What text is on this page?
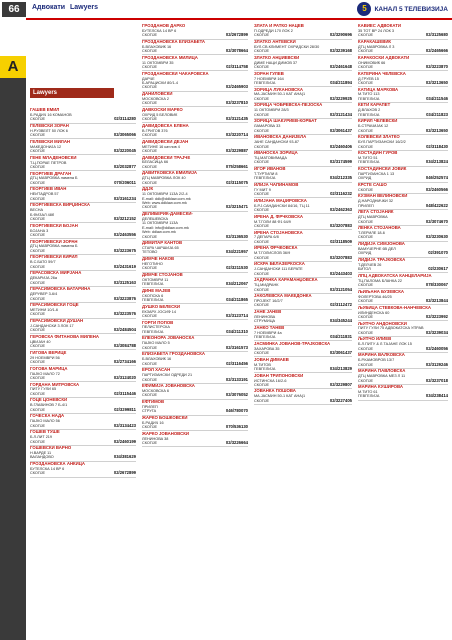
66	Адвокати Lawyers	5	КАНАЛ 5 ТЕЛЕВИЗИЈА
А
Lawyers
ГАШЕВ ЕМИЛ
Б.РАДИЧ 16 КОМАНОВ
СКОПЈЕ	02/3114280
ГЕЛЕВСКИ ЗОРАН
Н.РУЗВЕЛТ 50 ЛОК 6
СКОПЈЕ	02/3065066
ГЕЛЕВСКИ МИЛАН
МАКЕДОНИЈА 12
СКОПЈЕ	02/3220045
ГЕНЕ МЛАДЕНОВСКИ
Т.Ц.ПОРАЕ ПЕТРОВ
СКОПЈЕ	02/2032877
ГЕОРГИЕВ ДРАГАН
ДТЦ МАВРОВКА ламела Б
СКОПЈЕ	070/206011
ГЕОРГИЕВ ИВАН
НЕИТАДРОВ 57
СКОПЈЕ	02/3161234
ГЕОРГИЕВСКА ВИРЏИНСКА
ВЕСНА
Б.ФИЗАЛ 48б
СКОПЈЕ	02/3212152
ГЕОРГИЕВСКИ БОЈАН
БОЈАНА 3
СКОПЈЕ	02/2463556
ГЕОРГИЕВСКИ ЗОРАН
ДТЦ МАВРОВКА ламела Б
СКОПЈЕ	02/3223675
ГЕОРГИЕВСКИ КИРИЛ
В.С.БАТО 59/7
СКОПЈЕ	02/2431619
ГЕРАСОВСКА МИРЈАНА
ДЕКАРИЈА 26а
СКОПЈЕ	02/3125163
ГЕРАСИМОВСКА БАТАРИНА
ДЕРУВЕР 3-6/4
СКОПЈЕ	02/3223876
ГЕРАСИМОВСКИ ГОЦЕ
МЕТИНИ 10/1-6
СКОПЈЕ	02/3223576
ГЕРАСИМОВСКИ ДУШАН
Ј.САНДАНСКИ 3 ЛОК 17
СКОПЈЕ	02/2484504
ГЕРОВСКА ФИТАНОВА МИЛЕНА
ЦВИЈАН 40
СКОПЈЕ	02/3084788
ГИГОВА ВЕРИЦЕ
29 НОЕМВРИ 56
СКОПЈЕ	02/2734166
ГОГОВА МАРИЦА
ПАЈКО МАЛО 72
СКОПЈЕ	02/3124020
ГОРДАНА МИТРОВСКА
ПИТУ ГУЛИ 65
СКОПЈЕ	02/3115446
ГОЦЕ ЦОНЕВСКИ
В.ГЛАВИНОВ 7 Б-4/1
СКОПЈЕ	02/3299811
ГОЧЕСКА НАДА
ПАЈКО МАЛО 56
СКОПЈЕ	02/3134423
ГОШЕВ ТУШЕ
Б.Л.ЛИТ 219
СКОПЈЕ	02/2460199
ГОШЕВСКИ ВАРНО
Н.ВАРДЕ 11
ВАЛАНДОВО	034/381629
ГРОЗДАНОВСКА АНКИЦА
БУТЕЛСКА 14 ВР 6
СКОПЈЕ	02/2672899
ГРОЗДАНОВ ДАРКО
БУТЕЛСКА 14 ВР 6
СКОПЈЕ	02/2672899
ГРОЗДАНОВСКА ЕЛИЗАБЕТА
Б.ВЛАХОВИЌ 16
СКОПЈЕ	02/3078664
ГРОЗДАНОВСКА МИЛИЦА
11 ОКТОМВРИ 35
СКОПЈЕ	02/3114758
ГРОЗДАНОВСКИ ЧАКАРОВСКА
ДАРЧЕ
Б.АРАЦИСКИ 80/1-4
СКОПЈЕ	02/2465903
ДАНИЛОВСКИ
МОСКОВСКА 2
СКОПЈЕ	02/3237810
ДАВКОСКИ МАРКО
ОХРИД 5 БЕЛОВИЌ
СКОПЈЕ	02/3121435
ДАВИДОВСКА ЕЛЕНА
В.ГРИГОВ 376
СКОПЈЕ	02/3220714
ДАВИДОВСКИ ДЕЈАН
МЕТИНЕ 16 кат.пов 4
СКОПЈЕ	02/3229887
ДАВИДОВСКИ ТРАЈЧЕ
БЕЛАСИЦА 66
СКОПЈЕ	075/258661
ДАВИТКОВСКА ЕМИЛИЈА
ДТЦ МАВРОВКА ЛОК 40
СКОПЈЕ	02/3115075
ДДЈК
11 ОКТОМВРИ 113А 2/2-4
E-mail: ddk@ddklaw.com.mk
Web: www.ddklaw.com.mk
СКОПЈЕ	02/3215471
ДЕЛИБЕРИЌ-ДАМЕСКИ-
ДЕЛЕШЕВСКА
11 ОКТОМВРИ 113А
E-mail: info@ddlaw.com.mk
Web: ddlaw.com.mk
СКОПЈЕ	02/3136530
ДИМИТАР КАНТОВ
СТАРА ЧАРШИЈА 65
ТЕТОВО	034/221957
ДИМЧЕ НАКОВ
НЕГОТИНО
СКОПЈЕ	02/3211530
ДИМЧЕ СТОЈАНОВ
ОКТОМВРИ 11
ГЕВГЕЛИЈА	034/212067
ДИНЕ МАЈЕВ
СКОПСКА 6
ГЕВГЕЛИЈА	034/211865
ДУШКО БЕЛЕСКИ
ЕКЗАРХ ЈОСИФ 14
СКОПЈЕ	02/3123714
ГОРГИ ПОПОВ
ПЕЛИСТЕРСКА
ГЕВГЕЛИЈА	034/211310
ЕЛЕОНОРА ЈОВАНОСКА
ПАЈКО МАЛО 5
СКОПЈЕ	02/3161573
ЕЛИЗАБЕТА ГРОЗДАНОВСКА
Б.ВЛАХОВИЌ 16
СКОПЈЕ	02/3116456
ЕРОЛ ХАСАН
ПАРТИЗАНСКИ ОДРЕДИ 21
СКОПЈЕ	02/3133191
ЕФИМИЈА ЈОВАНОВСКА
МОСКОВСКА 6
СКОПЈЕ	02/3076052
ЕФТИМОВ
ПРИЛЕП
СТРУГА	046/780070
ЖАРКО БОШКОВСКИ
Б.РАДИЧ 16
СКОПЈЕ	070/536130
ЖАРКО ЈОВАНОВСКИ
ЛЕНИНОВА 38
СКОПЈЕ	02/3226664
ЗЛАТА И РАТКО НАЦЕВ
П.ОДРЕДИ 170 ЛОК 2
СКОПЈЕ	02/3290696
ЗЛАТКО АНТЕВСКИ
БУЛ.СВ.КЛИМЕНТ ОХРИДСКИ 28/30
СКОПЈЕ	02/3239168
ЗЛАТКО АНЏИЕВСКИ
ДИМЕ НАЦИ ДИМОВ 37
СКОПЈЕ	02/2461648
ЗОРАН ЃУЛЕВ
7 НОЕМВРИ 164
ГЕВГЕЛИЈА	034/211894
ЗОРИЦА ЛУКАНОВСКА
МА.ЈАСМИН 50-1 КАТ АНА(1
СКОПЈЕ	02/3229925
ЗОРИЦА ЧОБРЕВСКА-ПЕЈОСКА
11 ОКТОМВРИ 28/3
СКОПЈЕ	02/3121434
ЗОРИЦА ШАКУРИЕВ-КОРБАТ
ЛАМАРОВА 33
СКОПЈЕ	02/3061437
ИВАНОВСКА ДАНИЈЕЛА
ЈАНЕ САНДАНСКИ 93-87
СКОПЈЕ	02/2460406
ИВАНОСКА ЗОРИЦА
ТЦ.МАТОВИМАДА
СКОПЈЕ	02/3174599
ИГОР ИВАНОВ
Т.ТУРТИЛИ 8
ГЕВГЕЛИЈА	034/212335
ИЛИЈА ЧАПИНАМОВ
ГУ МИТ 9
СКОПЈЕ	02/3116232
ИЛИЈАНА МАЏИРОВСКА
Б.Р.Ј.САНДАНСКИ 84/16, ТЦ 11
СКОПЈЕ	02/2462363
ИРЕНА Д. ФРЧКОВСКА
М.Т.ГОЛИ 88 Ф1 64/9
СКОПЈЕ	02/3207883
ИРЕНА СТОЈАНОВСКА
7 ДЕПАРА 6/8
СКОПЈЕ	02/3118509
ИРЕНА ФРЧКОВСКА
М.Т.ГОЛИСЛОВ 36/9
СКОПЈЕ	02/3207883
ИСКРА БЕЛАЗЕРКОСКА
Ј.САНДАНСКИ 111 БЕРАТЕ
СКОПЈЕ	02/2443403
ЈАДРАНКА КАРАМАНЏОВСКА
ТЦ.МИДРАНК
СКОПЈЕ	02/3121054
ЈАКОЛЕВСКА МАКЕДОНКА
ПРОЈЕКТ 16/2/7
СКОПЈЕ	02/3112472
ЈАНЕ ЈАНЕВ
ЛЕНИНОВА
СТРУМИЦА	034/345244
ЈАНКО ТАНЕВ
7 НОЕМВРИ 4а
ГЕВГЕЛИЈА	034/211831
ЈАСМИНКА ЈОВАНОВ-ТРАЈКОВСКА
ЗАХАРОВА 35
СКОПЈЕ	02/3061437
ЈОВАН ДИМАЕВ
М.ТИТОВ
ГЕВГЕЛИЈА	034/213829
ЈОВАН ТРИПОНОВСКИ
ИСТИНСКА 16/2-6
СКОПЈЕ	02/3229807
ЈОВАНКА ПОШОВА
МА.ЈАСМИН 50-1 КАТ АНА(1
СКОПЈЕ	02/3227405
КАВИЕС АДВОКАТИ
35 ТОТ ВР 24 ЛОК 3
СКОПЈЕ	02/3125680
КАРАКАШЕВИЌ
ДТЦ МАВРОВКА Л 3
СКОПЈЕ	02/2465666
КАРАКОСКИ АДВОКАТИ
ОНИМОВИЌ 66
СКОПЈЕ	02/3223870
КАТЕРИНА ЧЕЛЕВСКА
Д.ГРУЕВ 15
СКОПЈЕ	02/3213650
КАТИЦА МАРКОВА
М.ТИТО 113
ГЕВГЕЛИЈА	034/211546
КЕТИ КАРАПЕТ
Д.ВЛАХОВ 2
ГЕВГЕЛИЈА	034/211823
КИРИЛ ЧЕЛЕВСКИ
Б.СТРАЧИЈАК 12
СКОПЈЕ	02/3213650
КОЛЕВСКИ ЗЛАТКО
БУЛ.ПАРТИЗАНСКИ 16/2/2
СКОПЈЕ	02/3118430
КОСТАДИН ЃУРОВ
М.ТИТО 51
ГЕВГЕЛИЈА	034/213824
КОСТАДИНСКИ ЈОВИЌ
ПАРТИЗАНСКА 1 13
ОХРИД	046/252574
КРСТЕ САШО
СКОПЈЕ	02/2460566
КУЗМАН ВЕЛИНОВСКИ
Д.НАРОДНИЧКИ 32
ПРИЛЕП	048/422622
ЛЕГА СТОЈАНИК
ДТЦ МАВРОВКА
СКОПЈЕ	02/3074670
ЛЕНКА СТОЈАНОВА
Т.ЛЕРИЛЕ 18-6
СКОПЈЕ	02/3230630
ЛИДИЈА СИМЈОНОВА
ВАМУЧЕРНЕ 6В ДЕЛ
ОХРИД	02/391070
ЛИДИЈА ТРАЈКОВСКА
Т.ДЕЛЧЕВ 26
БИТОЛ	02/230617
ЛПЦ АДВОКАТСКА КАНЦЕЛАРИЈА
ТЦ.ПАЛОМА БЛАНКА 22
СКОПЈЕ	078/330067
ЉИЉАНА БУЗЕВСКА
ФОЛЕРТОВА 46/25
СКОПЈЕ	02/3213844
ЉУБИЦА СТЕВКОВА-НАНЧЕВСКА
ИЛИНДЕНСКА 60
СКОПЈЕ	02/3223992
ЉУПЧО АНДОНОВСКИ
ПИТУ ГУЛИ 75 АДВОКАТСКА УПРАВ
СКОПЈЕ	02/3239034
ЉУПЧО ИЛИЕВ
Б.Л.ПИТУ & Л.ТАЈАНЕ ЛОК 15
СКОПЈЕ	02/2460056
МАРИНА ВАЛКОВСКА
Б.Р.КАМОВРОВ 13/7
СКОПЈЕ	02/3129246
МАРИНА ПАВЛОВСКА
ДТЦ МАВРОВКА МЕЗ Л 11
СКОПЈЕ	02/3237018
МАРИНА КУШИРОВА
М.ТИТО 61
ГЕВГЕЛИЈА	034/238414
